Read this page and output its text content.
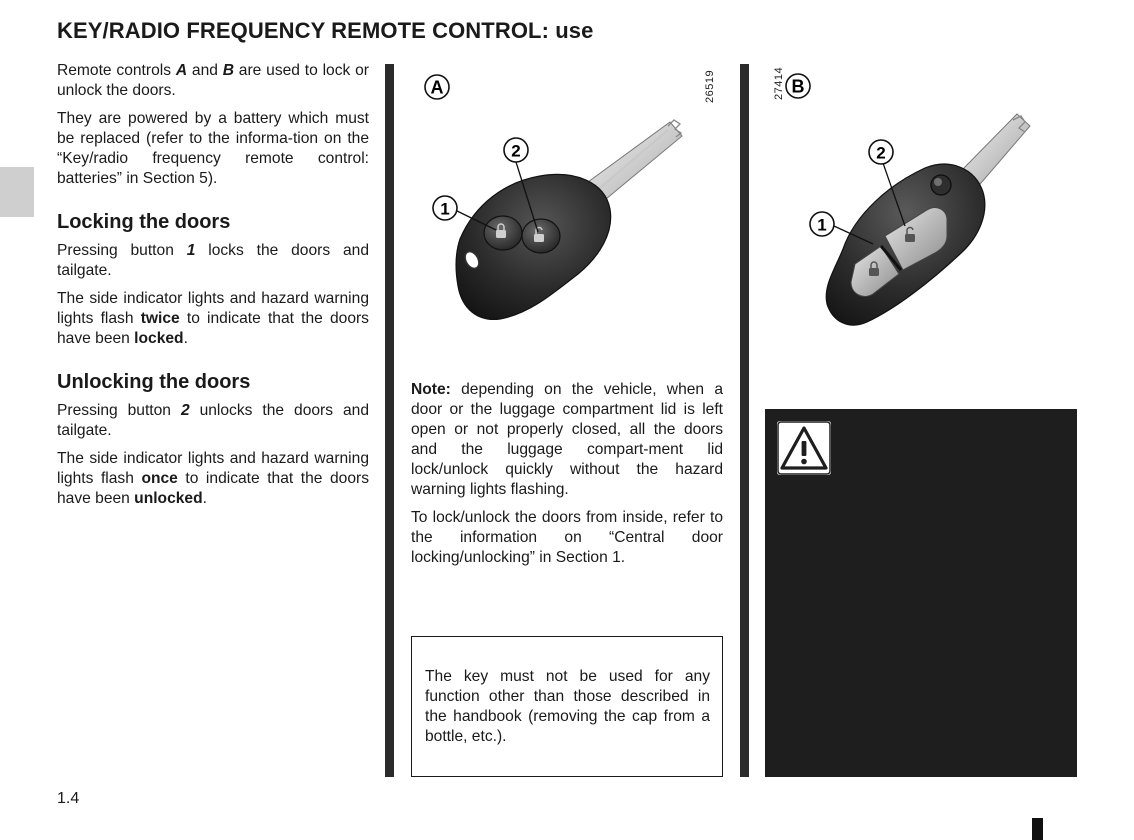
KEY/RADIO FREQUENCY REMOTE CONTROL: use

Remote controls A and B are used to lock or unlock the doors.

They are powered by a battery which must be replaced (refer to the informa-tion on the “Key/radio frequency remote control: batteries” in Section 5).

Locking the doors

Pressing button 1 locks the doors and tailgate.

The side indicator lights and hazard warning lights flash twice to indicate that the doors have been locked.

Unlocking the doors

Pressing button 2 unlocks the doors and tailgate.

The side indicator lights and hazard warning lights flash once to indicate that the doors have been unlocked.

1
2
A	26519
1
2
B
27414

Note: depending on the vehicle, when a door or the luggage compartment lid is left open or not properly closed, all the doors and the luggage compart-ment lid lock/unlock quickly without the hazard warning lights flashing.

To lock/unlock the doors from inside, refer to the information on “Central door locking/unlocking” in Section 1.

The key must not be used for any function other than those described in the handbook (removing the cap from a bottle, etc.).

1.4
